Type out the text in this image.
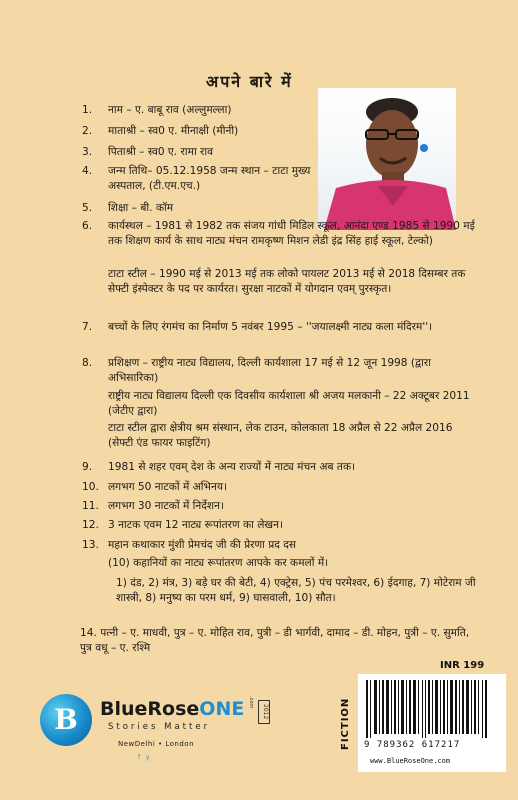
अपने बारे में
1.	नाम – ए. बाबू राव (अल्लुमल्ला)
2.	माताश्री – स्व0 ए. मीनाक्षी (मीनी)
3.	पिताश्री – स्व0 ए. रामा राव
4.	जन्म तिथि– 05.12.1958 जन्म स्थान – टाटा मुख्य अस्पताल, (टी.एम.एच.)
5.	शिक्षा – बी. कॉम
6.	कार्यस्थल – 1981 से 1982 तक संजय गांधी मिडिल स्कूल, आनंदा एण्ड 1985 से 1990 मई तक शिक्षण कार्य के साथ नाट्य मंचन रामकृष्ण मिशन लेडी इंद्र सिंह हाई स्कूल, टेल्को)
टाटा स्टील – 1990 मई से 2013 मई तक लोको पायलट 2013 मई से 2018 दिसम्बर तक सेफ्टी इंस्पेक्टर के पद पर कार्यरत। सुरक्षा नाटकों में योगदान एवम् पुरस्कृत।
7.	बच्चों के लिए रंगमंच का निर्माण 5 नवंबर 1995 – ''जयालक्ष्मी नाट्य कला मंदिरम''।
8.	प्रशिक्षण – राष्ट्रीय नाट्य विद्यालय, दिल्ली कार्यशाला 17 मई से 12 जून 1998 (द्वारा अभिसारिका)
राष्ट्रीय नाट्य विद्यालय दिल्ली एक दिवसीय कार्यशाला श्री अजय मलकानी – 22 अक्टूबर 2011 (जेटीए द्वारा)
टाटा स्टील द्वारा क्षेत्रीय श्रम संस्थान, लेक टाउन, कोलकाता 18 अप्रैल से 22 अप्रैल 2016 (सेफ्टी एंड फायर फाइटिंग)
9.	1981 से शहर एवम् देश के अन्य राज्यों में नाट्य मंचन अब तक।
10. लगभग 50 नाटकों में अभिनय।
11. लगभग 30 नाटकों में निर्देशन।
12. 3 नाटक एवम 12 नाट्य रूपांतरण का लेखन।
13. महान कथाकार मुंशी प्रेमचंद जी की प्रेरणा प्रद दस
(10) कहानियों का नाट्य रूपांतरण आपके कर कमलों में।
1) दंड, 2) मंत्र, 3) बड़े घर की बेटी, 4) एक्ट्रेस, 5) पंच परमेश्वर, 6) ईदगाह, 7) मोटेराम जी शास्त्री, 8) मनुष्य का परम धर्म, 9) घासवाली, 10) सौत।
14. पत्नी – ए. माधवी, पुत्र – ए. मोहित राव, पुत्री – डी भार्गवी, दामाद – डी. मोहन, पुत्री – ए. सुमति, पुत्र वधू – ए. रश्मि
INR 199
B	BlueRoseONE .com
2012
Stories Matter
NewDelhi • London
f y
FICTION	9 789362 617217
www.BlueRoseOne.com
